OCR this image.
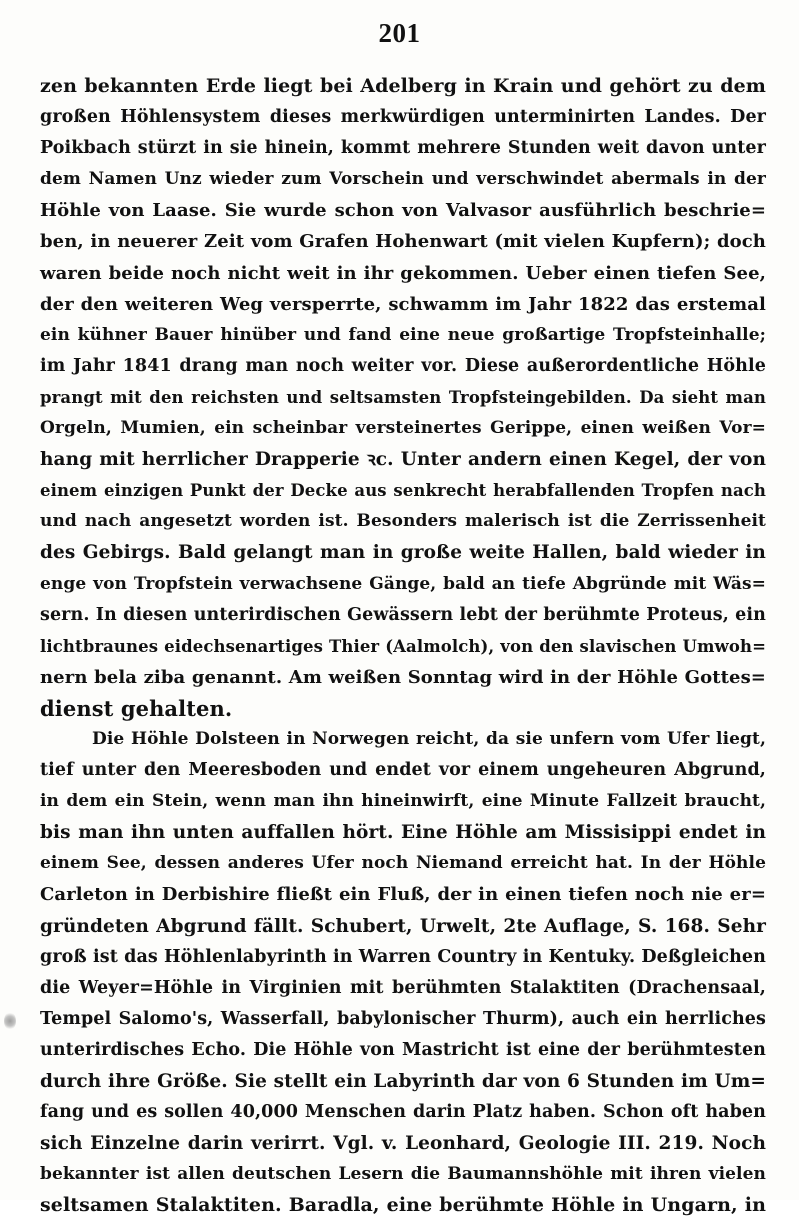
201
zen bekannten Erde liegt bei Adelberg in Krain und gehört zu dem
großen Höhlensystem dieses merkwürdigen unterminirten Landes. Der
Poikbach stürzt in sie hinein, kommt mehrere Stunden weit davon unter
dem Namen Unz wieder zum Vorschein und verschwindet abermals in der
Höhle von Laase. Sie wurde schon von Valvasor ausführlich beschrie=
ben, in neuerer Zeit vom Grafen Hohenwart (mit vielen Kupfern); doch
waren beide noch nicht weit in ihr gekommen. Ueber einen tiefen See,
der den weiteren Weg versperrte, schwamm im Jahr 1822 das erstemal
ein kühner Bauer hinüber und fand eine neue großartige Tropfsteinhalle;
im Jahr 1841 drang man noch weiter vor. Diese außerordentliche Höhle
prangt mit den reichsten und seltsamsten Tropfsteingebilden. Da sieht man
Orgeln, Mumien, ein scheinbar versteinertes Gerippe, einen weißen Vor=
hang mit herrlicher Drapperie ꝛc. Unter andern einen Kegel, der von
einem einzigen Punkt der Decke aus senkrecht herabfallenden Tropfen nach
und nach angesetzt worden ist. Besonders malerisch ist die Zerrissenheit
des Gebirgs. Bald gelangt man in große weite Hallen, bald wieder in
enge von Tropfstein verwachsene Gänge, bald an tiefe Abgründe mit Wäs=
sern. In diesen unterirdischen Gewässern lebt der berühmte Proteus, ein
lichtbraunes eidechsenartiges Thier (Aalmolch), von den slavischen Umwoh=
nern bela ziba genannt. Am weißen Sonntag wird in der Höhle Gottes=
dienst gehalten.
Die Höhle Dolsteen in Norwegen reicht, da sie unfern vom Ufer liegt,
tief unter den Meeresboden und endet vor einem ungeheuren Abgrund,
in dem ein Stein, wenn man ihn hineinwirft, eine Minute Fallzeit braucht,
bis man ihn unten auffallen hört. Eine Höhle am Missisippi endet in
einem See, dessen anderes Ufer noch Niemand erreicht hat. In der Höhle
Carleton in Derbishire fließt ein Fluß, der in einen tiefen noch nie er=
gründeten Abgrund fällt. Schubert, Urwelt, 2te Auflage, S. 168. Sehr
groß ist das Höhlenlabyrinth in Warren Country in Kentuky. Deßgleichen
die Weyer=Höhle in Virginien mit berühmten Stalaktiten (Drachensaal,
Tempel Salomo's, Wasserfall, babylonischer Thurm), auch ein herrliches
unterirdisches Echo. Die Höhle von Mastricht ist eine der berühmtesten
durch ihre Größe. Sie stellt ein Labyrinth dar von 6 Stunden im Um=
fang und es sollen 40,000 Menschen darin Platz haben. Schon oft haben
sich Einzelne darin verirrt. Vgl. v. Leonhard, Geologie III. 219. Noch
bekannter ist allen deutschen Lesern die Baumannshöhle mit ihren vielen
seltsamen Stalaktiten. Baradla, eine berühmte Höhle in Ungarn, in
